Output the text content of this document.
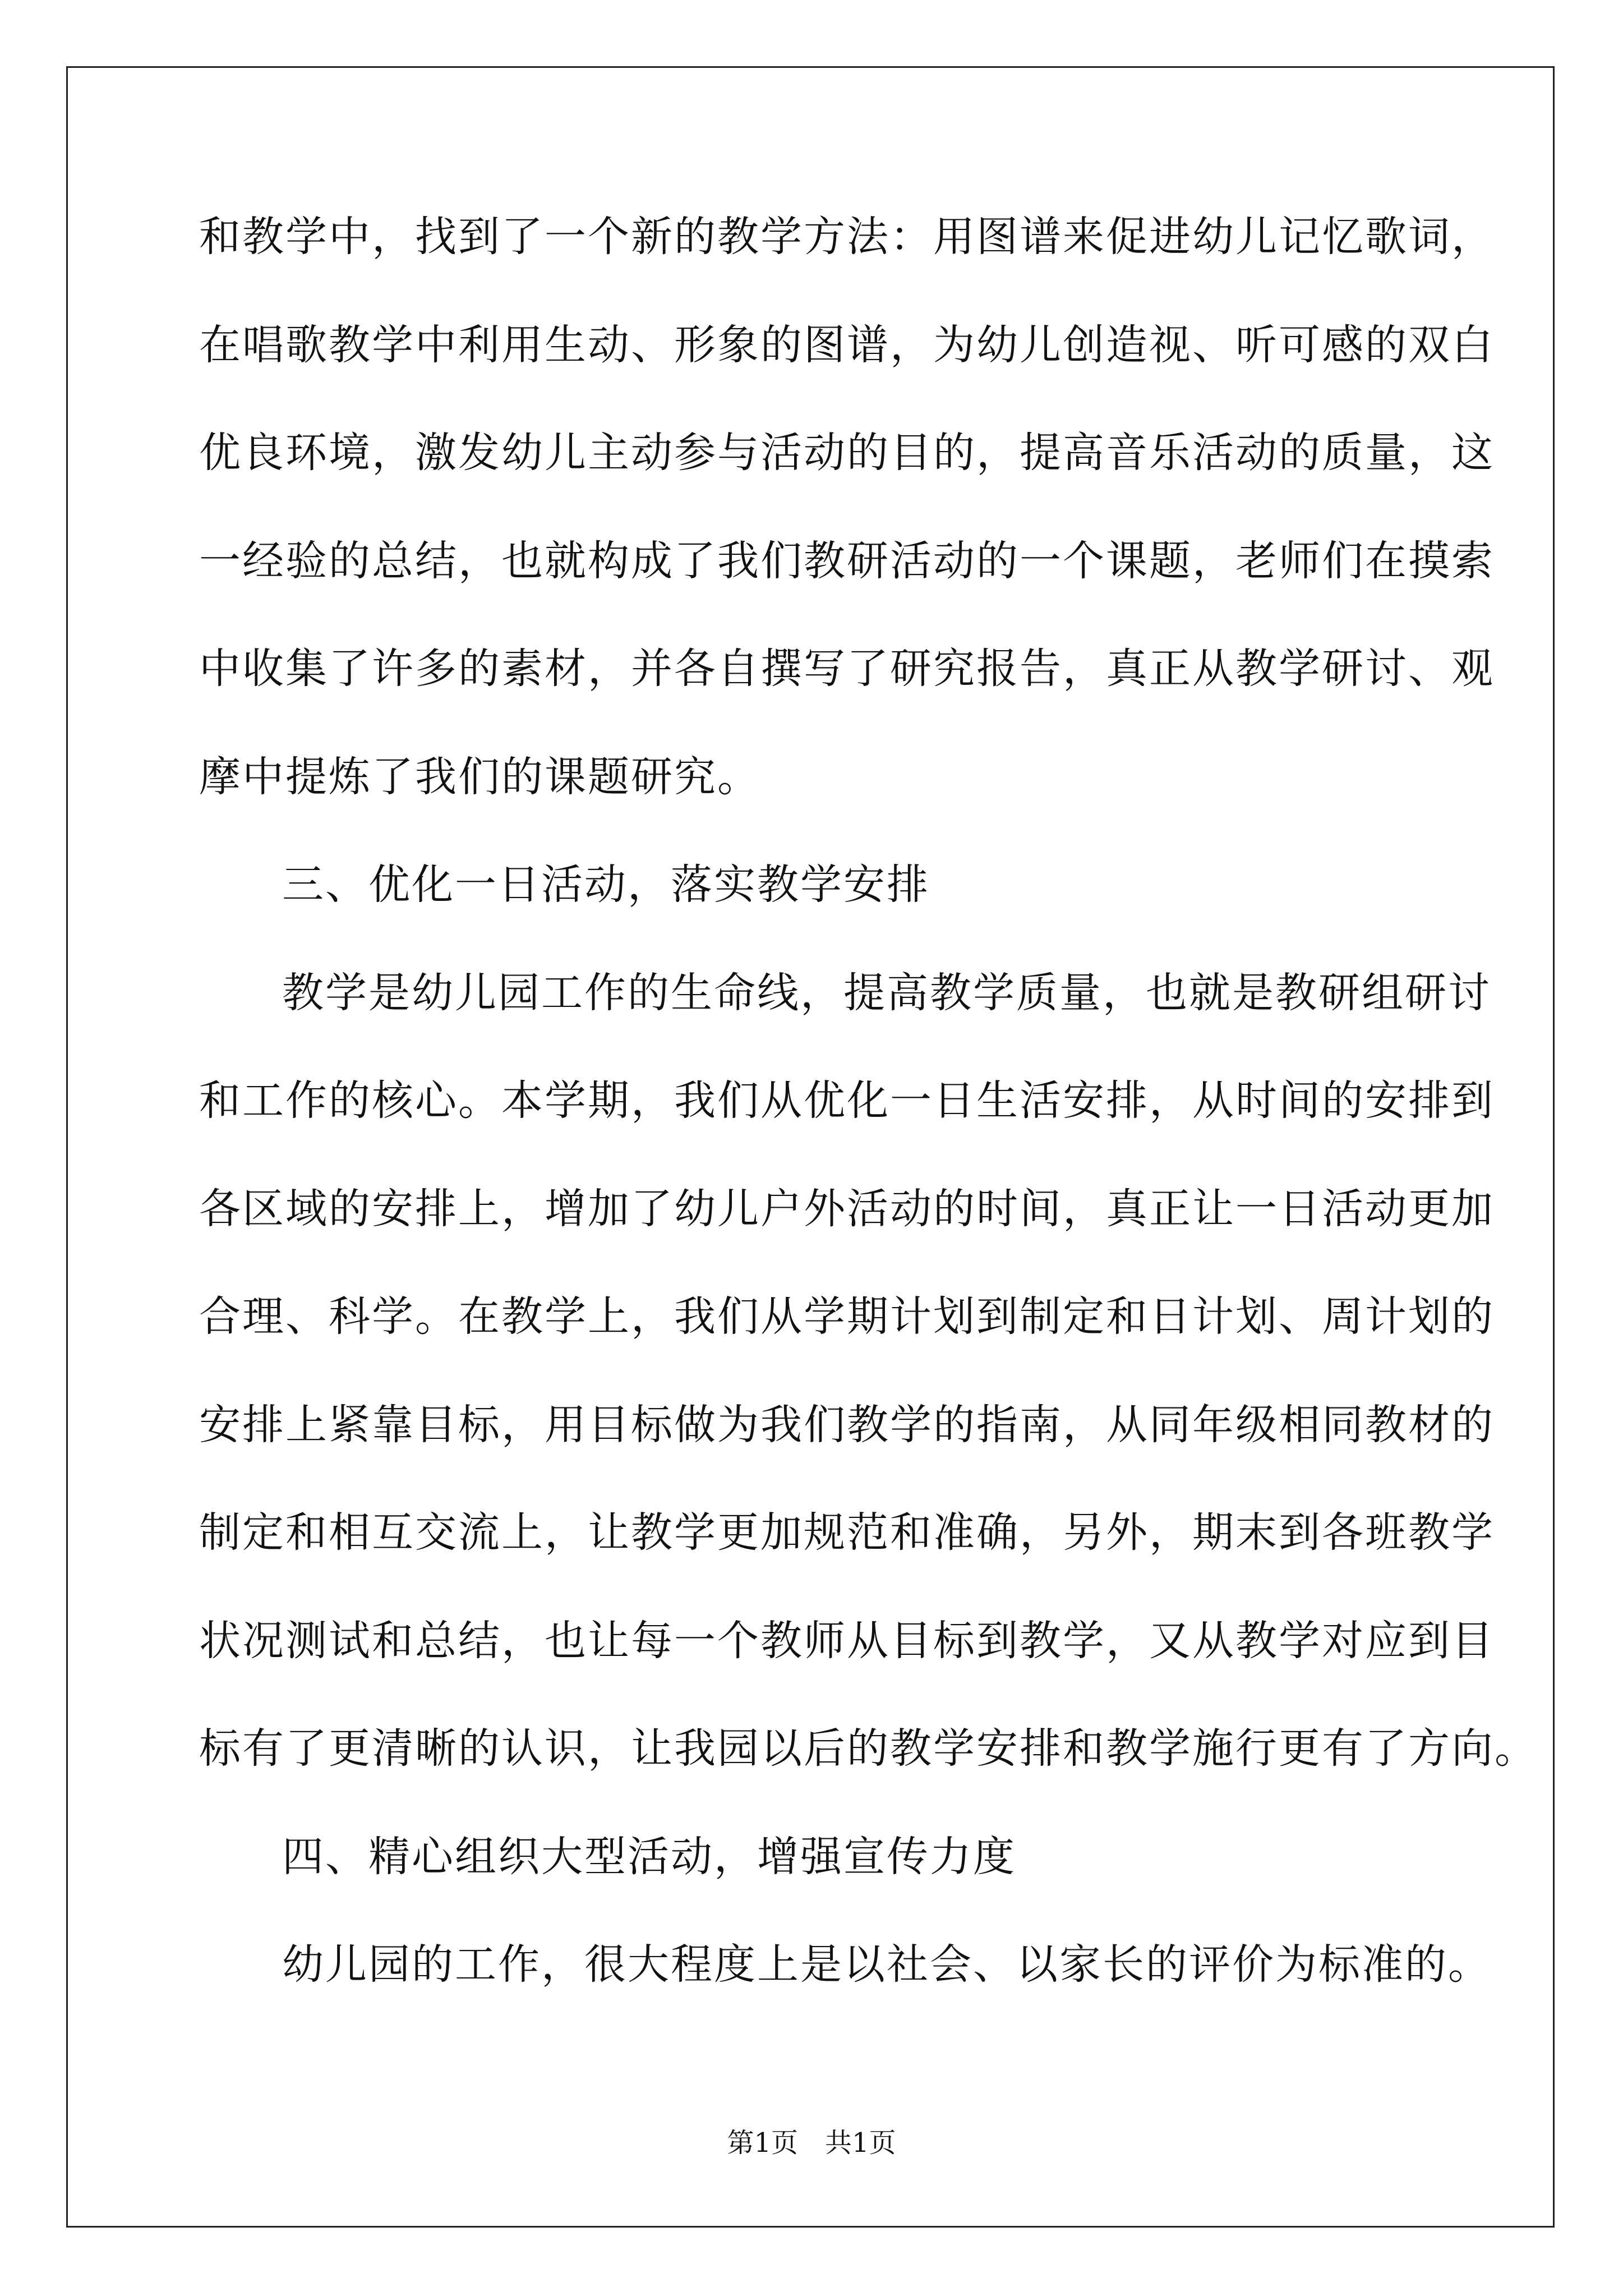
和教学中，找到了一个新的教学方法：用图谱来促进幼儿记忆歌词，
在唱歌教学中利用生动、形象的图谱，为幼儿创造视、听可感的双白
优良环境，激发幼儿主动参与活动的目的，提高音乐活动的质量，这
一经验的总结，也就构成了我们教研活动的一个课题，老师们在摸索
中收集了许多的素材，并各自撰写了研究报告，真正从教学研讨、观
摩中提炼了我们的课题研究。
三、优化一日活动，落实教学安排
教学是幼儿园工作的生命线，提高教学质量，也就是教研组研讨
和工作的核心。本学期，我们从优化一日生活安排，从时间的安排到
各区域的安排上，增加了幼儿户外活动的时间，真正让一日活动更加
合理、科学。在教学上，我们从学期计划到制定和日计划、周计划的
安排上紧靠目标，用目标做为我们教学的指南，从同年级相同教材的
制定和相互交流上，让教学更加规范和准确，另外，期末到各班教学
状况测试和总结，也让每一个教师从目标到教学，又从教学对应到目
标有了更清晰的认识，让我园以后的教学安排和教学施行更有了方向。
四、精心组织大型活动，增强宣传力度
幼儿园的工作，很大程度上是以社会、以家长的评价为标准的。
第1页　共1页
